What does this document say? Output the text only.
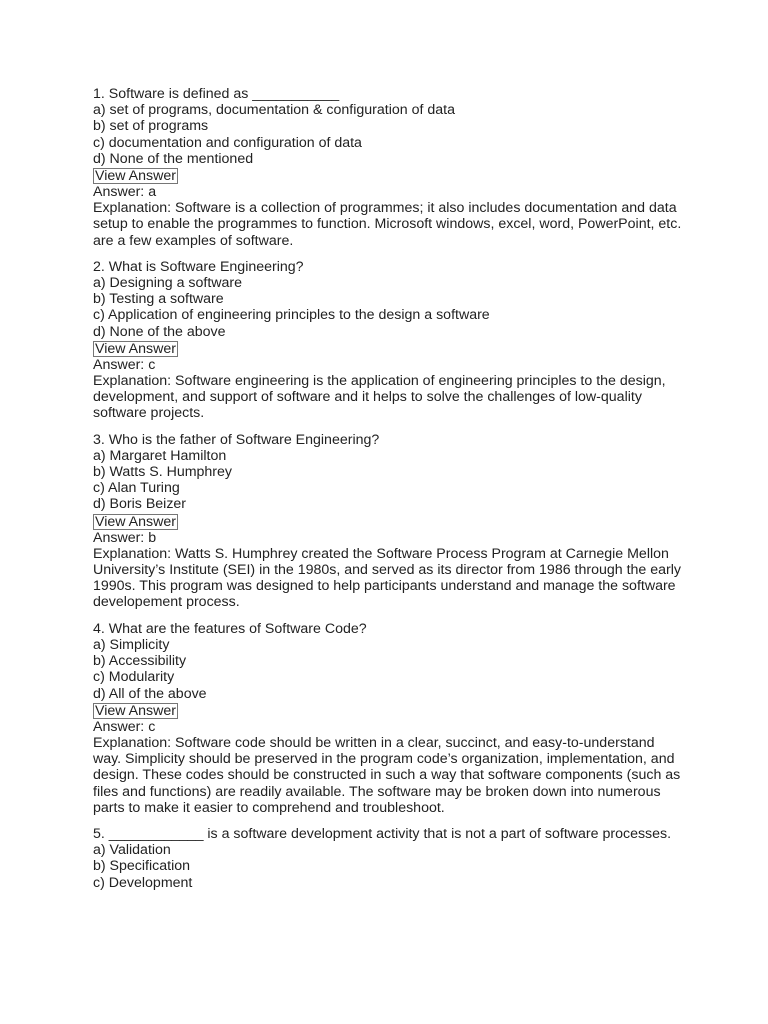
1. Software is defined as ___________
a) set of programs, documentation & configuration of data
b) set of programs
c) documentation and configuration of data
d) None of the mentioned
View Answer
Answer: a
Explanation: Software is a collection of programmes; it also includes documentation and data setup to enable the programmes to function. Microsoft windows, excel, word, PowerPoint, etc. are a few examples of software.
2. What is Software Engineering?
a) Designing a software
b) Testing a software
c) Application of engineering principles to the design a software
d) None of the above
View Answer
Answer: c
Explanation: Software engineering is the application of engineering principles to the design, development, and support of software and it helps to solve the challenges of low-quality software projects.
3. Who is the father of Software Engineering?
a) Margaret Hamilton
b) Watts S. Humphrey
c) Alan Turing
d) Boris Beizer
View Answer
Answer: b
Explanation: Watts S. Humphrey created the Software Process Program at Carnegie Mellon University’s Institute (SEI) in the 1980s, and served as its director from 1986 through the early 1990s. This program was designed to help participants understand and manage the software developement process.
4. What are the features of Software Code?
a) Simplicity
b) Accessibility
c) Modularity
d) All of the above
View Answer
Answer: c
Explanation: Software code should be written in a clear, succinct, and easy-to-understand way. Simplicity should be preserved in the program code’s organization, implementation, and design. These codes should be constructed in such a way that software components (such as files and functions) are readily available. The software may be broken down into numerous parts to make it easier to comprehend and troubleshoot.
5. ____________ is a software development activity that is not a part of software processes.
a) Validation
b) Specification
c) Development
